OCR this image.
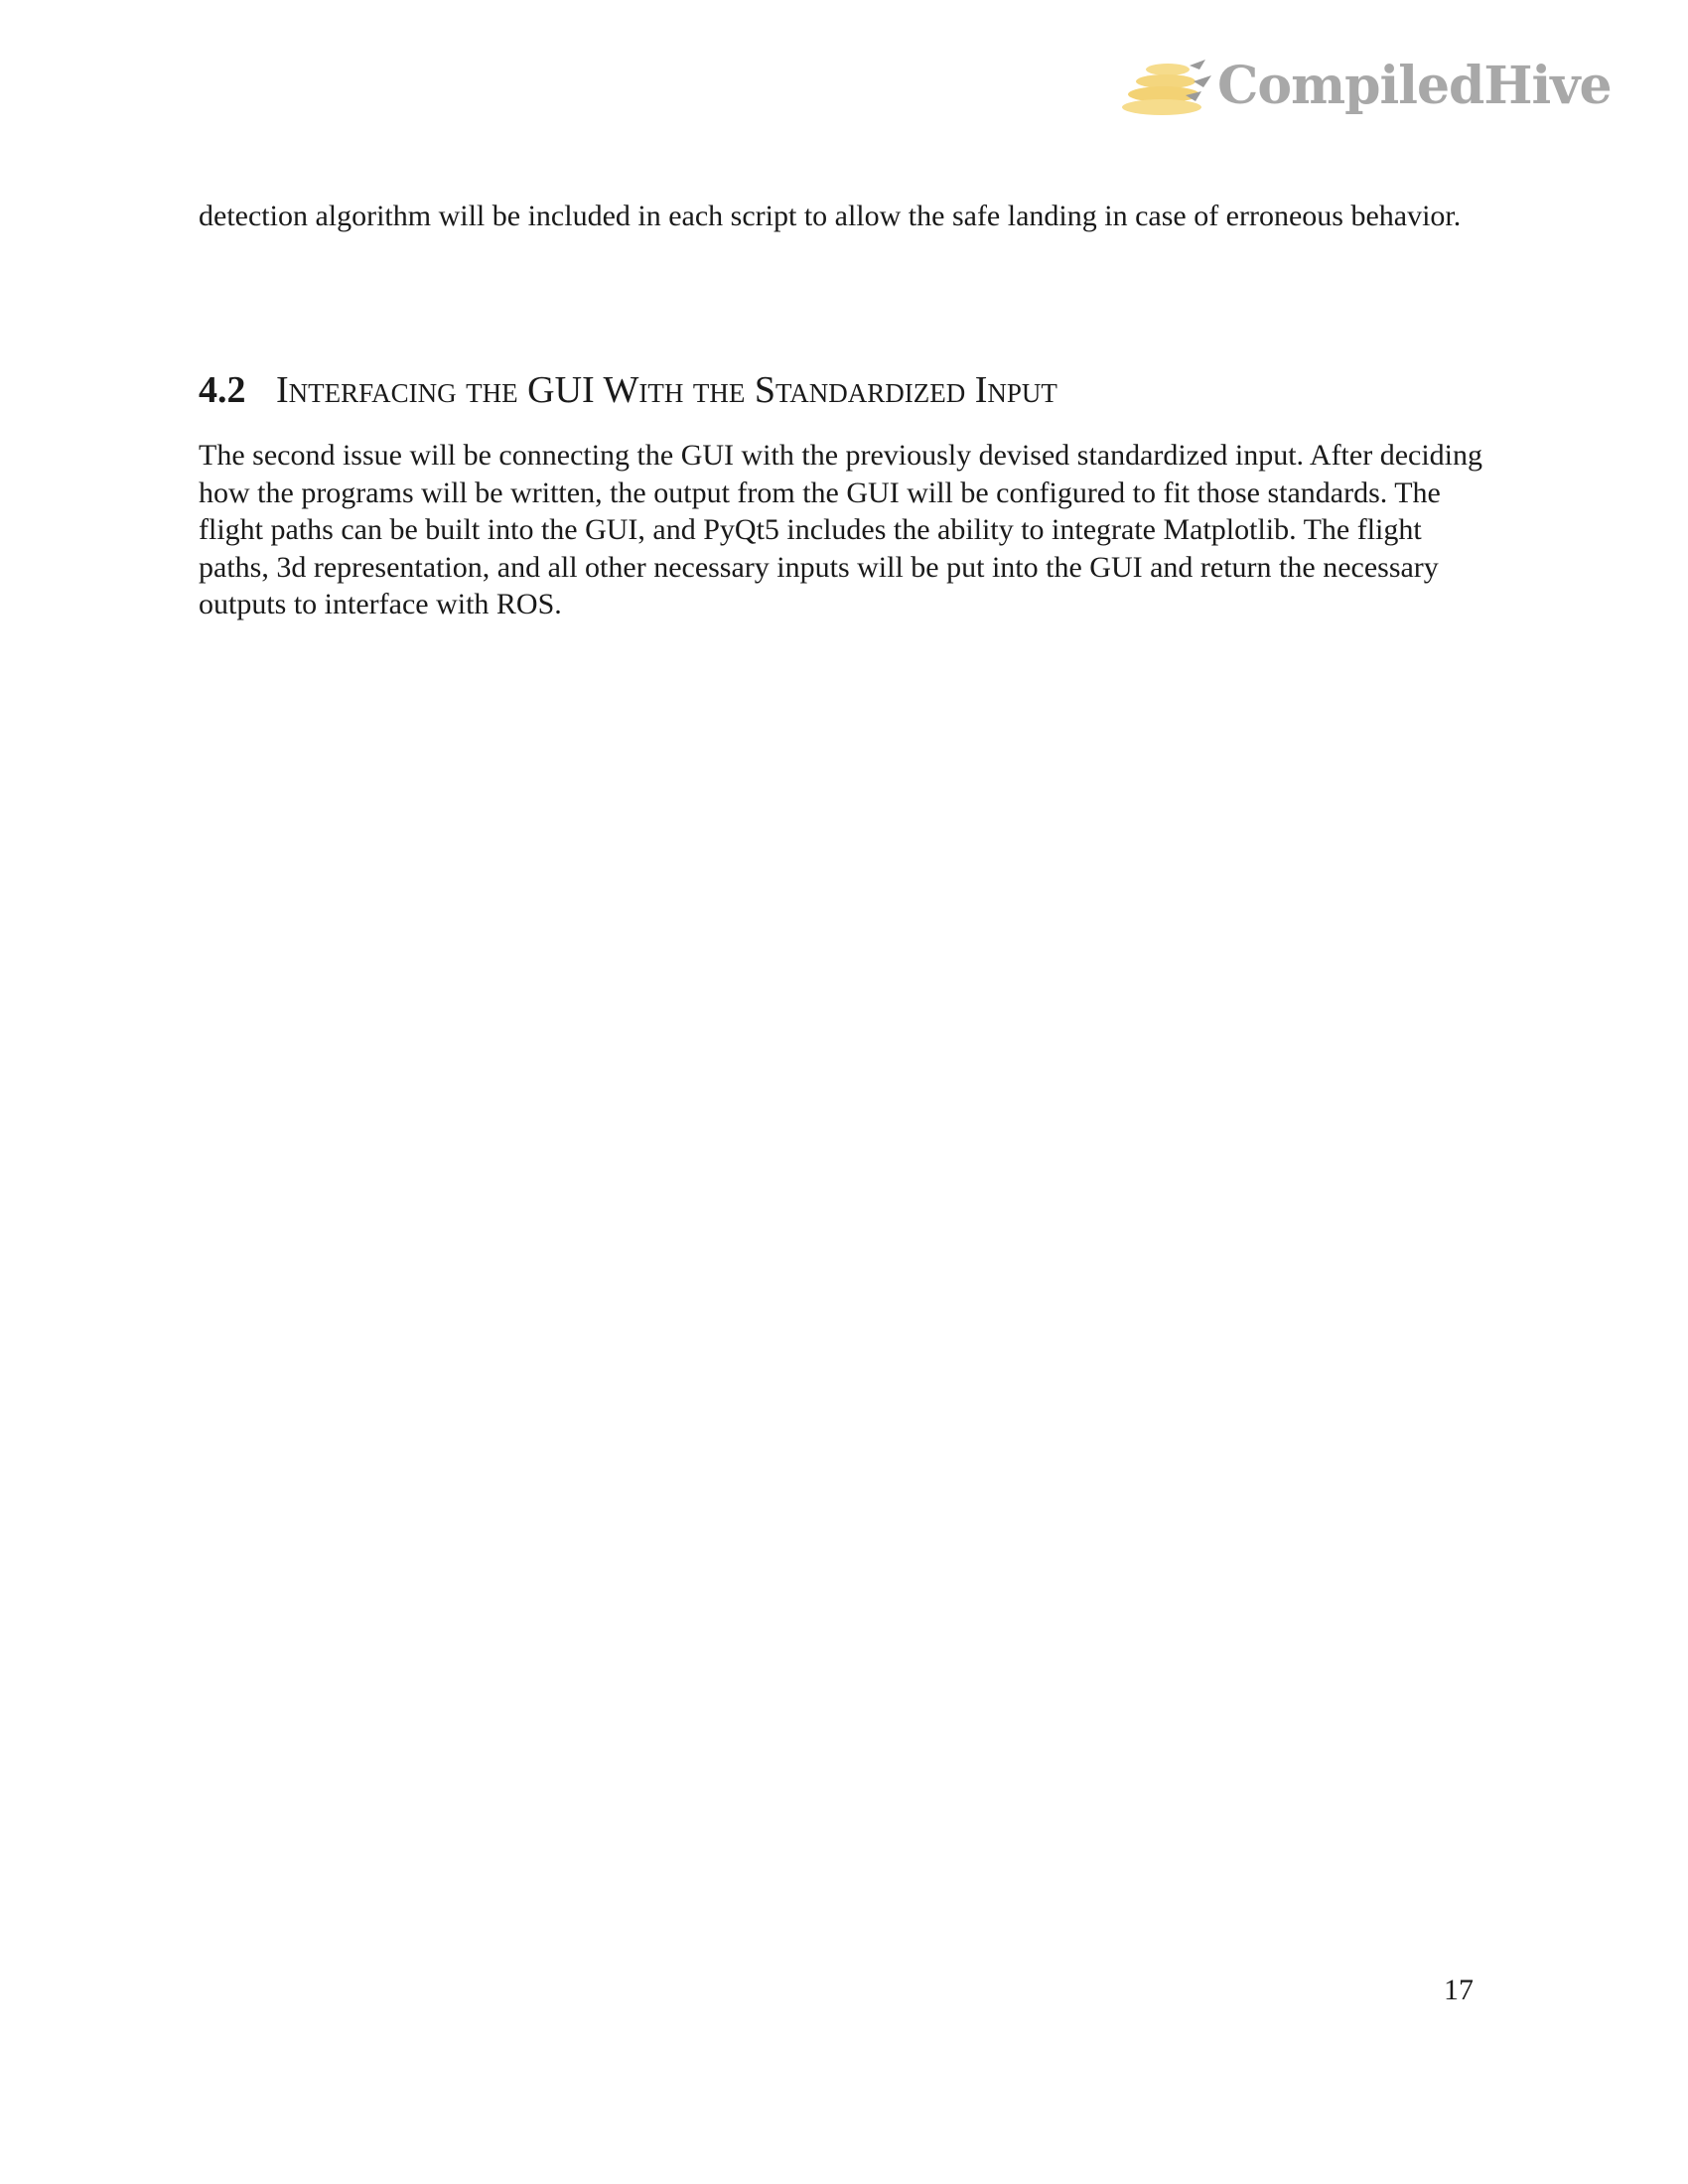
CompiledHive

detection algorithm will be included in each script to allow the safe landing in case of erroneous behavior.

4.2 Interfacing the GUI With the Standardized Input

The second issue will be connecting the GUI with the previously devised standardized input. After deciding how the programs will be written, the output from the GUI will be configured to fit those standards. The flight paths can be built into the GUI, and PyQt5 includes the ability to integrate Matplotlib. The flight paths, 3d representation, and all other necessary inputs will be put into the GUI and return the necessary outputs to interface with ROS.

17
